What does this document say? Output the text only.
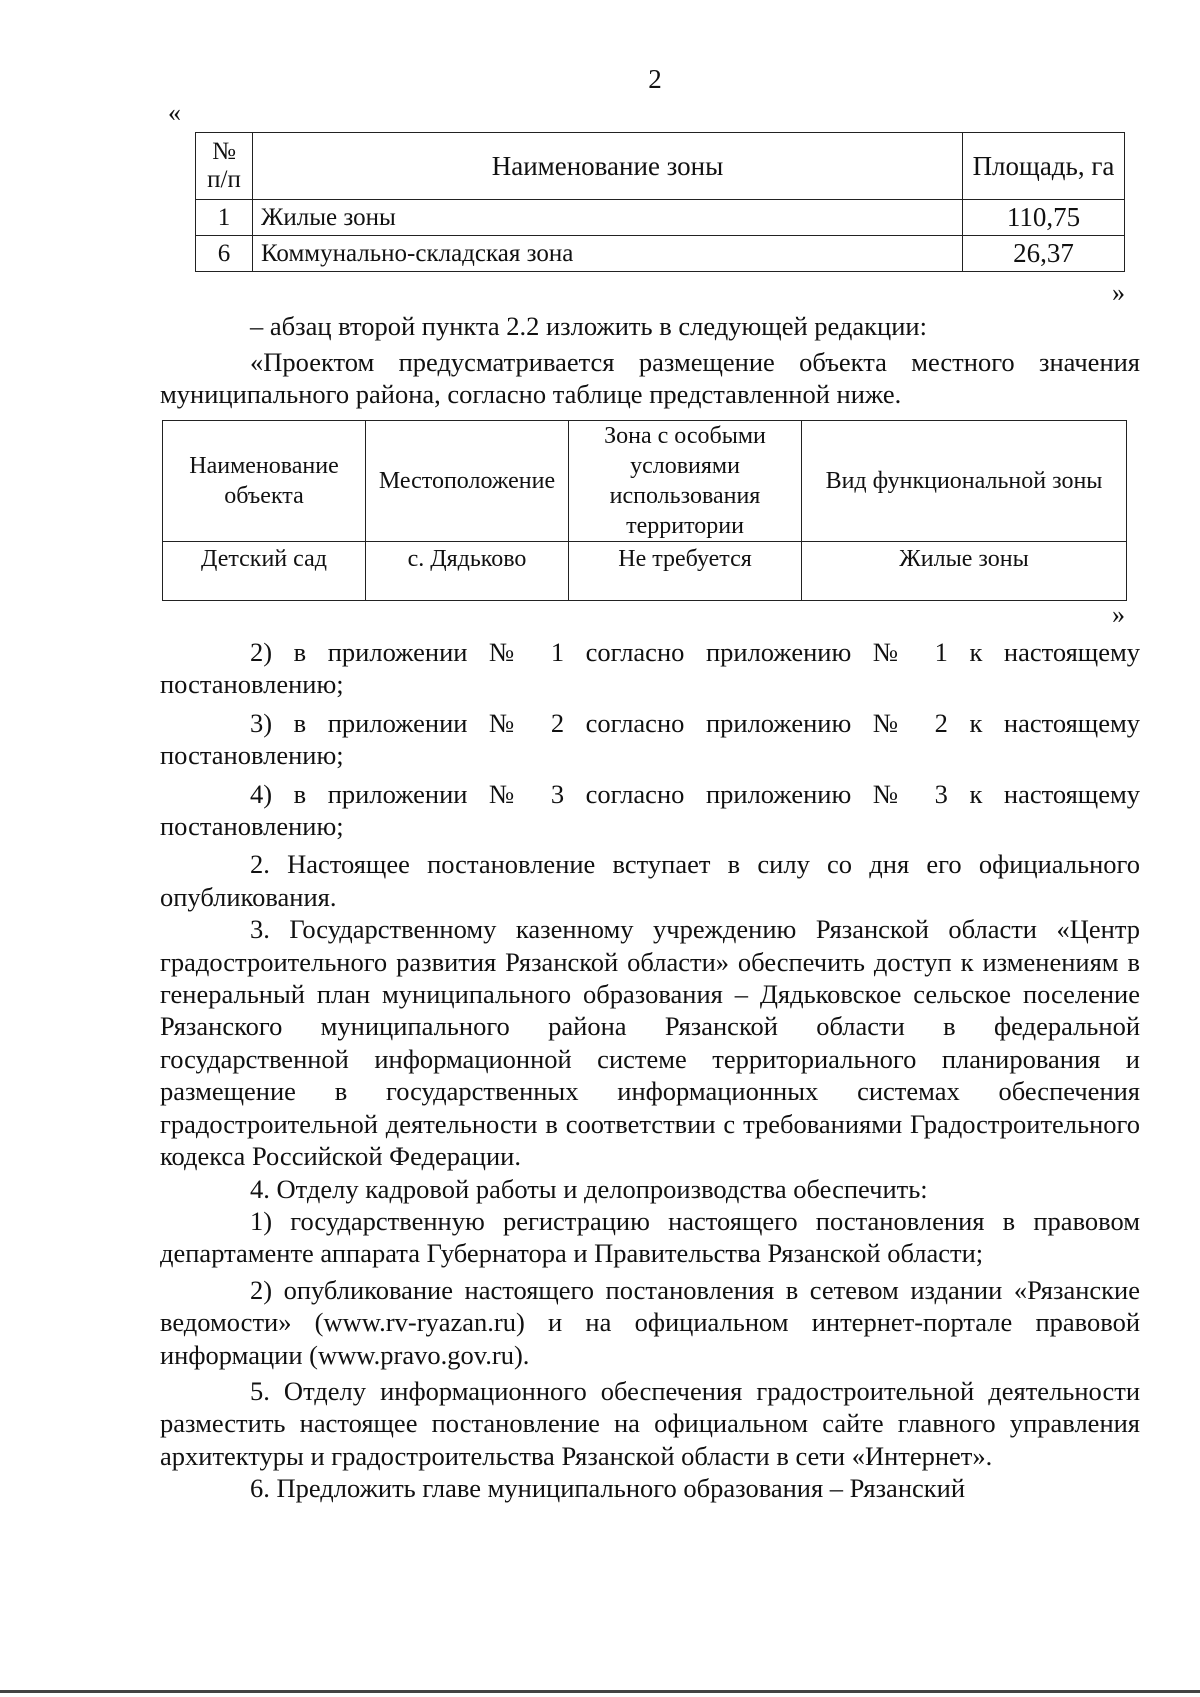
2
«
№ п/п	Наименование зоны	Площадь, га
1	Жилые зоны	110,75
6	Коммунально-складская зона	26,37
»
– абзац второй пункта 2.2 изложить в следующей редакции:

«Проектом предусматривается размещение объекта местного значения муниципального района, согласно таблице представленной ниже.

Наименование объекта	Местоположение	Зона с особыми условиями использования территории	Вид функциональной зоны
Детский сад	с. Дядьково	Не требуется	Жилые зоны
»

2) в приложении № 1 согласно приложению № 1 к настоящему постановлению;

3) в приложении № 2 согласно приложению № 2 к настоящему постановлению;

4) в приложении № 3 согласно приложению № 3 к настоящему постановлению;

2. Настоящее постановление вступает в силу со дня его официального опубликования.

3. Государственному казенному учреждению Рязанской области «Центр градостроительного развития Рязанской области» обеспечить доступ к изменениям в генеральный план муниципального образования – Дядьковское сельское поселение Рязанского муниципального района Рязанской области в федеральной государственной информационной системе территориального планирования и размещение в государственных информационных системах обеспечения градостроительной деятельности в соответствии с требованиями Градостроительного кодекса Российской Федерации.

4. Отделу кадровой работы и делопроизводства обеспечить:

1) государственную регистрацию настоящего постановления в правовом департаменте аппарата Губернатора и Правительства Рязанской области;

2) опубликование настоящего постановления в сетевом издании «Рязанские ведомости» (www.rv-ryazan.ru) и на официальном интернет-портале правовой информации (www.pravo.gov.ru).

5. Отделу информационного обеспечения градостроительной деятельности разместить настоящее постановление на официальном сайте главного управления архитектуры и градостроительства Рязанской области в сети «Интернет».

6. Предложить главе муниципального образования – Рязанский
